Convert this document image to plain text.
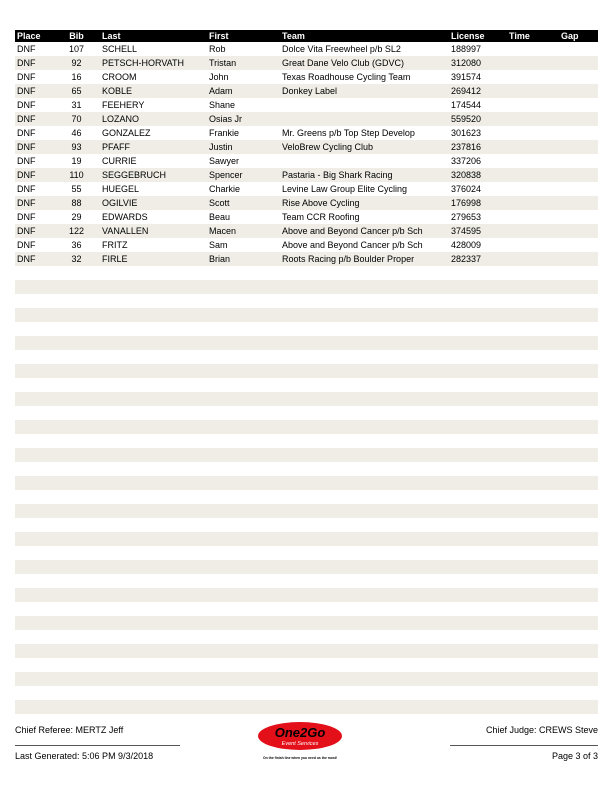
Place	Bib	Last	First	Team	License	Time	Gap
DNF	107	SCHELL	Rob	Dolce Vita Freewheel p/b SL2	188997		
DNF	92	PETSCH-HORVATH	Tristan	Great Dane Velo Club (GDVC)	312080		
DNF	16	CROOM	John	Texas Roadhouse Cycling Team	391574		
DNF	65	KOBLE	Adam	Donkey Label	269412		
DNF	31	FEEHERY	Shane		174544		
DNF	70	LOZANO	Osias Jr		559520		
DNF	46	GONZALEZ	Frankie	Mr. Greens p/b Top Step Develop	301623		
DNF	93	PFAFF	Justin	VeloBrew Cycling Club	237816		
DNF	19	CURRIE	Sawyer		337206		
DNF	110	SEGGEBRUCH	Spencer	Pastaria - Big Shark Racing	320838		
DNF	55	HUEGEL	Charkie	Levine Law Group Elite Cycling	376024		
DNF	88	OGILVIE	Scott	Rise Above Cycling	176998		
DNF	29	EDWARDS	Beau	Team CCR Roofing	279653		
DNF	122	VANALLEN	Macen	Above and Beyond Cancer p/b Sch	374595		
DNF	36	FRITZ	Sam	Above and Beyond Cancer p/b Sch	428009		
DNF	32	FIRLE	Brian	Roots Racing p/b Boulder Proper	282337		

Chief Referee: MERTZ Jeff
Last Generated: 5:06 PM 9/3/2018
Chief Judge: CREWS Steve
Page 3 of 3
One2Go
Event Services
On the finish line when you need us the most!
